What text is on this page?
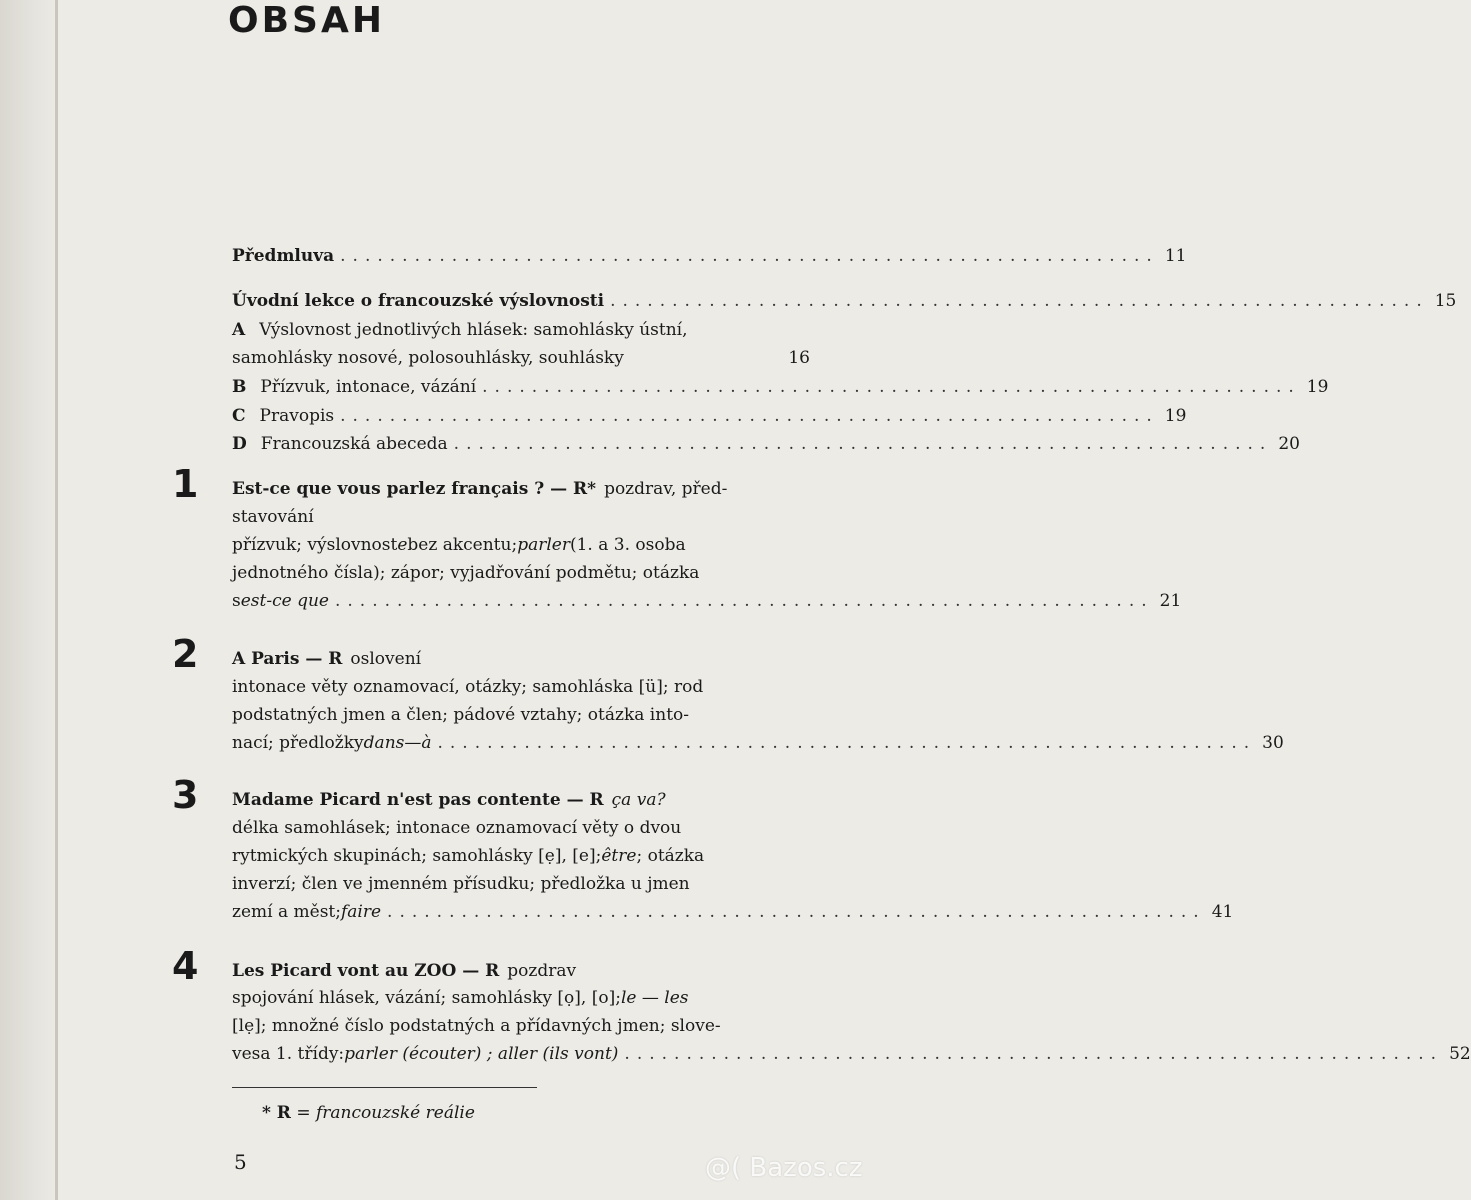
OBSAH
Předmluva .................................................................. 11
Úvodní lekce o francouzské výslovnosti .................................................................. 15
A Výslovnost jednotlivých hlásek: samohlásky ústní,
samohlásky nosové, polosouhlásky, souhlásky	16
B Přízvuk, intonace, vázání .................................................................. 19
C Pravopis .................................................................. 19
D Francouzská abeceda .................................................................. 20
1 Est-ce que vous parlez français ? — R* pozdrav, před-
stavování
přízvuk; výslovnost e bez akcentu; parler (1. a 3. osoba
jednotného čísla); zápor; vyjadřování podmětu; otázka
s est-ce que .................................................................. 21
2 A Paris — R oslovení
intonace věty oznamovací, otázky; samohláska [ü]; rod
podstatných jmen a člen; pádové vztahy; otázka into-
nací; předložky dans—à .................................................................. 30
3 Madame Picard n'est pas contente — R ça va?
délka samohlásek; intonace oznamovací věty o dvou
rytmických skupinách; samohlásky [ẹ], [e]; être ; otázka
inverzí; člen ve jmenném přísudku; předložka u jmen
zemí a měst; faire .................................................................. 41
4 Les Picard vont au ZOO — R pozdrav
spojování hlásek, vázání; samohlásky [ọ], [o]; le — les
[lẹ]; množné číslo podstatných a přídavných jmen; slove-
vesa 1. třídy: parler (écouter) ; aller (ils vont) .................................................................. 52
* R = francouzské reálie
5	@( Bazos.cz
